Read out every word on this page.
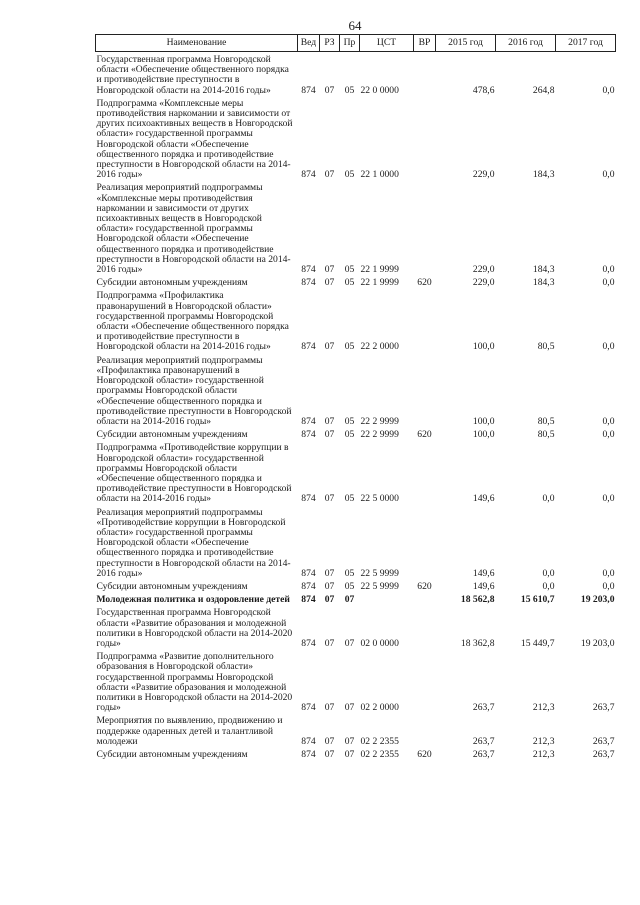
64
Наименование	Вед	РЗ	Пр	ЦСТ	ВР	2015 год	2016 год	2017 год
Государственная программа Новгородской области «Обеспечение общественного порядка и противодействие преступности в Новгородской области на 2014-2016 годы»	874	07	05	22 0 0000		478,6	264,8	0,0
Подпрограмма «Комплексные меры противодействия наркомании и зависимости от других психоактивных веществ в Новгородской области» государственной программы Новгородской области «Обеспечение общественного порядка и противодействие преступности в Новгородской области на 2014-2016 годы»	874	07	05	22 1 0000		229,0	184,3	0,0
Реализация мероприятий подпрограммы «Комплексные меры противодействия наркомании и зависимости от других психоактивных веществ в Новгородской области» государственной программы Новгородской области «Обеспечение общественного порядка и противодействие преступности в Новгородской области на 2014-2016 годы»	874	07	05	22 1 9999		229,0	184,3	0,0
Субсидии автономным учреждениям	874	07	05	22 1 9999	620	229,0	184,3	0,0
Подпрограмма «Профилактика правонарушений в Новгородской области» государственной программы Новгородской области «Обеспечение общественного порядка и противодействие преступности в Новгородской области на 2014-2016 годы»	874	07	05	22 2 0000		100,0	80,5	0,0
Реализация мероприятий подпрограммы «Профилактика правонарушений в Новгородской области» государственной программы Новгородской области «Обеспечение общественного порядка и противодействие преступности в Новгородской области на 2014-2016 годы»	874	07	05	22 2 9999		100,0	80,5	0,0
Субсидии автономным учреждениям	874	07	05	22 2 9999	620	100,0	80,5	0,0
Подпрограмма «Противодействие коррупции в Новгородской области» государственной программы Новгородской области «Обеспечение общественного порядка и противодействие преступности в Новгородской области на 2014-2016 годы»	874	07	05	22 5 0000		149,6	0,0	0,0
Реализация мероприятий подпрограммы «Противодействие коррупции в Новгородской области» государственной программы Новгородской области «Обеспечение общественного порядка и противодействие преступности в Новгородской области на 2014-2016 годы»	874	07	05	22 5 9999		149,6	0,0	0,0
Субсидии автономным учреждениям	874	07	05	22 5 9999	620	149,6	0,0	0,0
Молодежная политика и оздоровление детей	874	07	07			18 562,8	15 610,7	19 203,0
Государственная программа Новгородской области «Развитие образования и молодежной политики в Новгородской области на 2014-2020 годы»	874	07	07	02 0 0000		18 362,8	15 449,7	19 203,0
Подпрограмма «Развитие дополнительного образования в Новгородской области» государственной программы Новгородской области «Развитие образования и молодежной политики в Новгородской области на 2014-2020 годы»	874	07	07	02 2 0000		263,7	212,3	263,7
Мероприятия по выявлению, продвижению и поддержке одаренных детей и талантливой молодежи	874	07	07	02 2 2355		263,7	212,3	263,7
Субсидии автономным учреждениям	874	07	07	02 2 2355	620	263,7	212,3	263,7
